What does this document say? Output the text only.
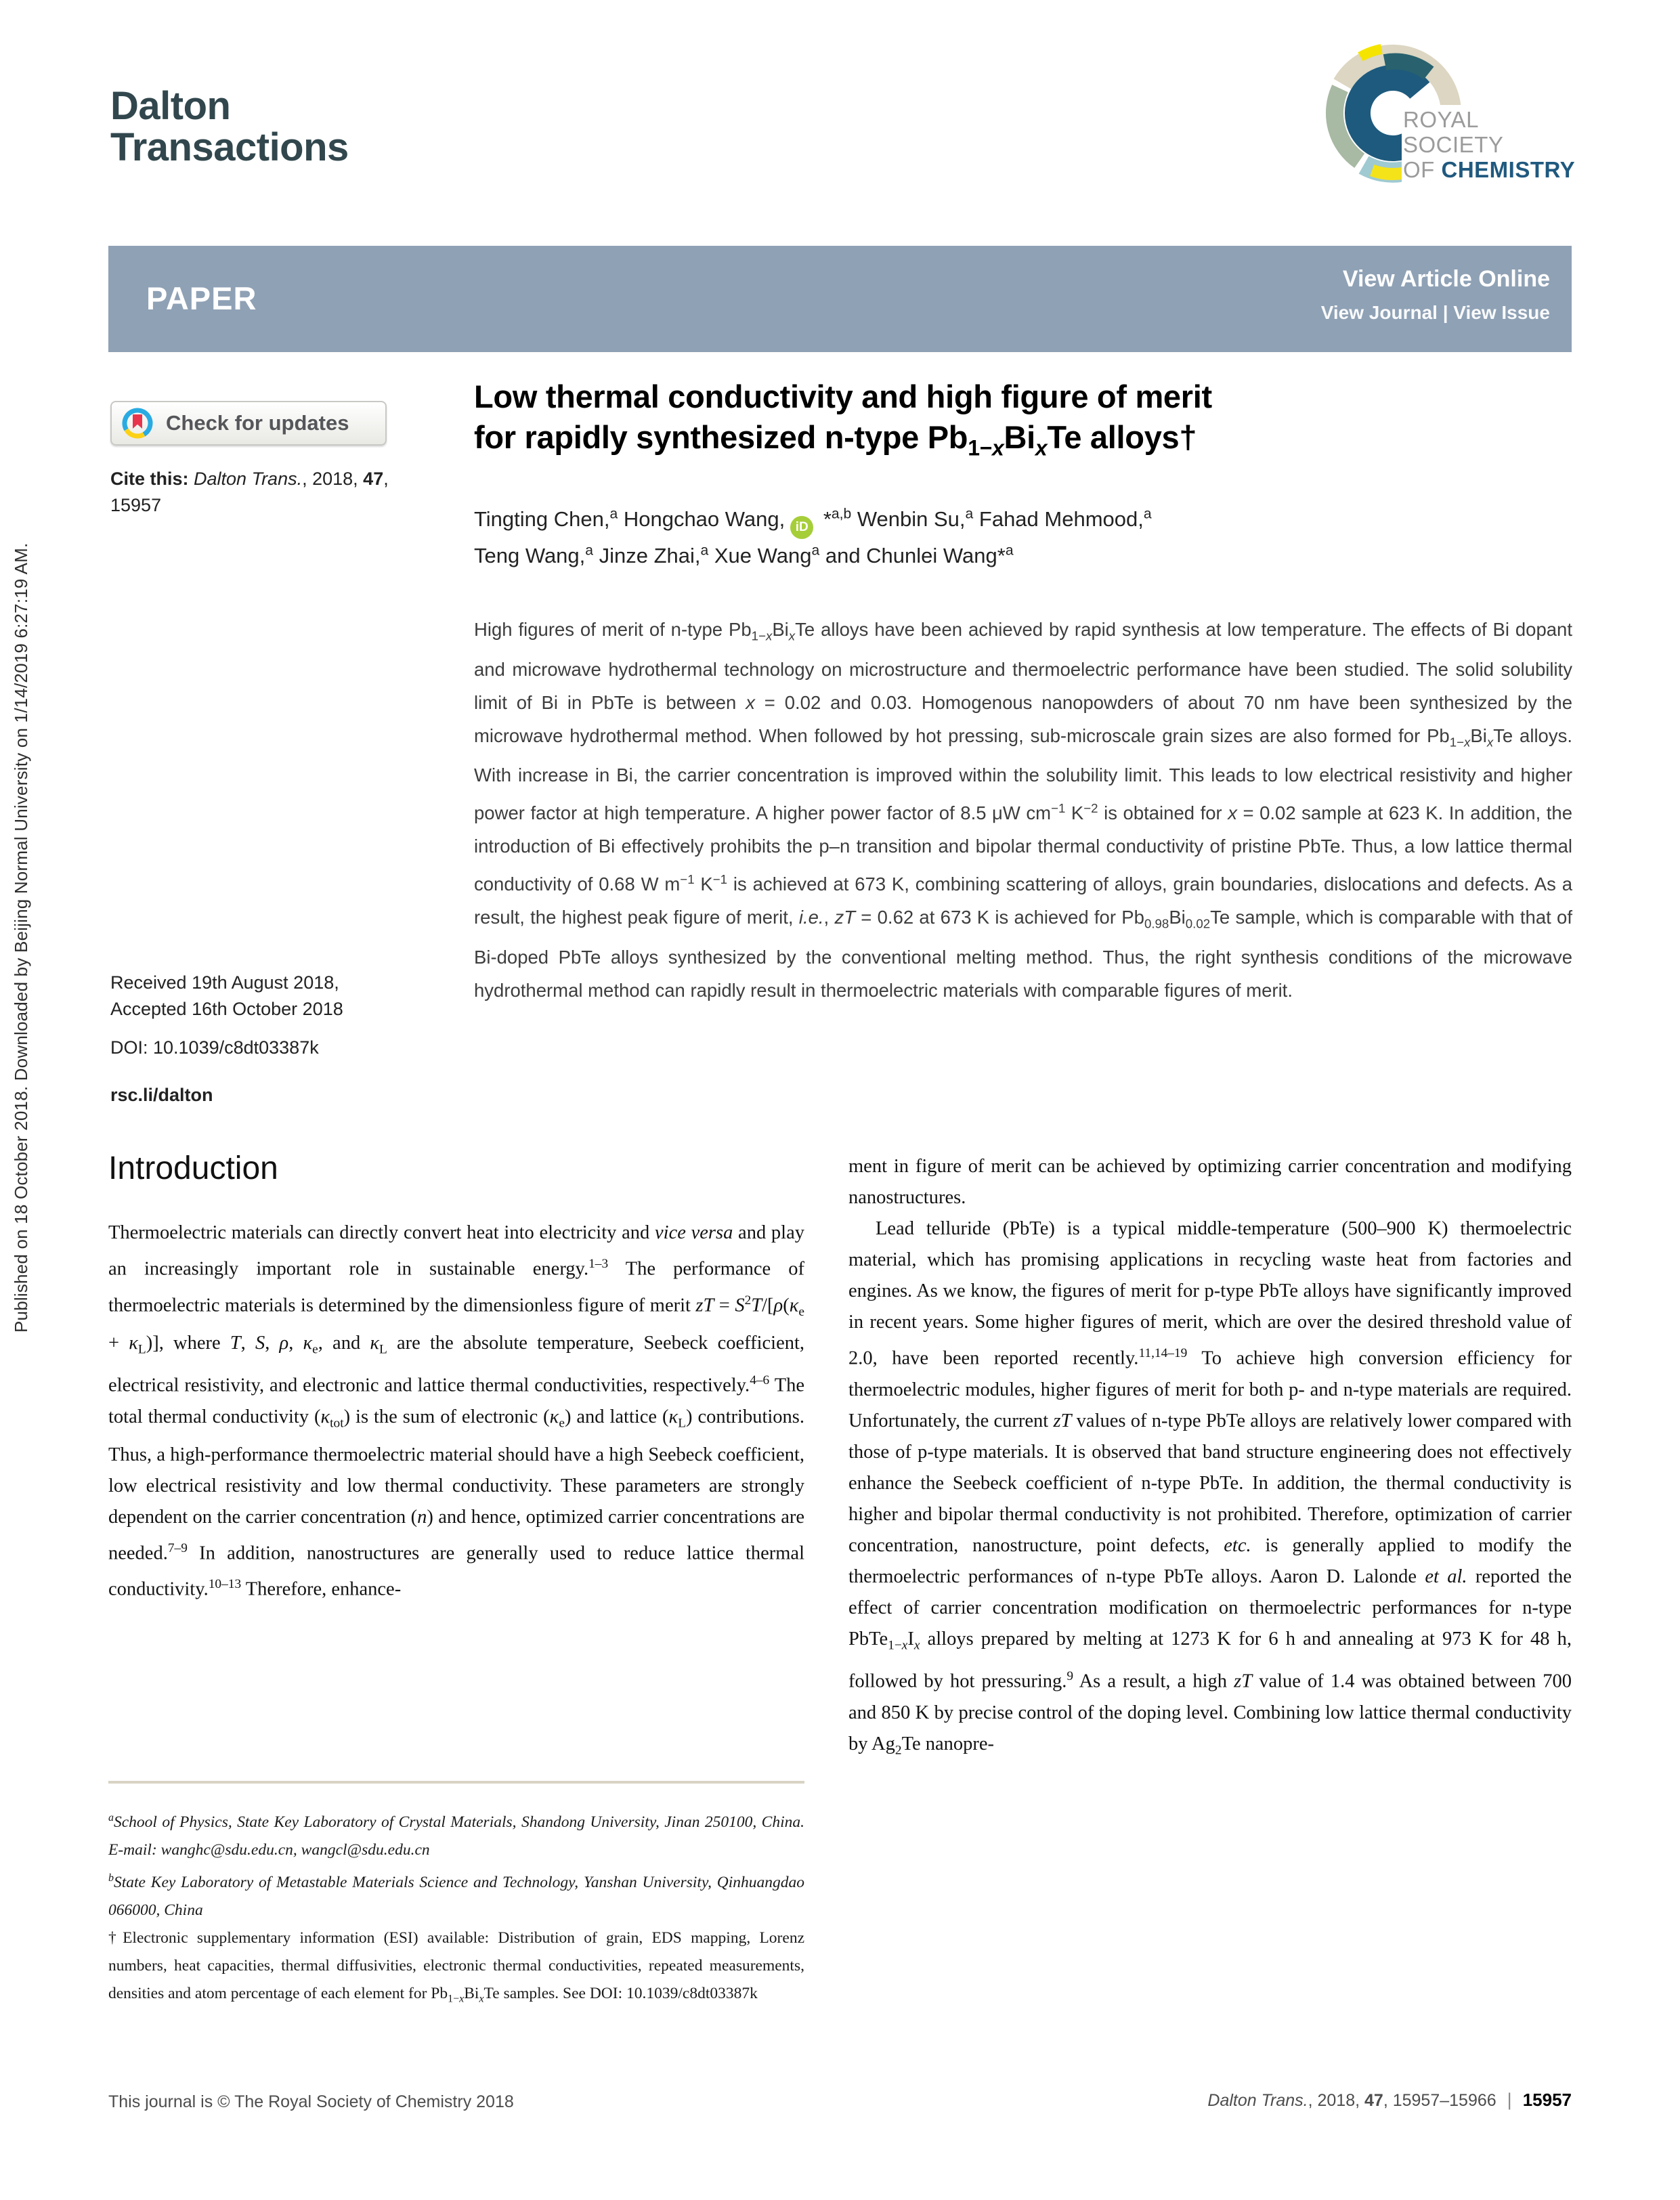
Published on 18 October 2018. Downloaded by Beijing Normal University on 1/14/2019 6:27:19 AM.
Dalton
Transactions
ROYAL SOCIETY
OF CHEMISTRY
PAPER
View Article Online
View Journal | View Issue
Check for updates
Cite this: Dalton Trans., 2018, 47,
15957
Received 19th August 2018,
Accepted 16th October 2018
DOI: 10.1039/c8dt03387k
rsc.li/dalton
Low thermal conductivity and high figure of merit
for rapidly synthesized n-type $Pb_{1-x}Bi_xTe$ alloys†
Tingting Chen,$^a$ Hongchao Wang, iD *$^{a,b}$ Wenbin Su,$^a$ Fahad Mehmood,$^a$
Teng Wang,$^a$ Jinze Zhai,$^a$ Xue Wang$^a$ and Chunlei Wang*$^a$
High figures of merit of n-type $Pb_{1-x}Bi_xTe$ alloys have been achieved by rapid synthesis at low temperature. The effects of Bi dopant and microwave hydrothermal technology on microstructure and thermoelectric performance have been studied. The solid solubility limit of Bi in PbTe is between x = 0.02 and 0.03. Homogenous nanopowders of about 70 nm have been synthesized by the microwave hydrothermal method. When followed by hot pressing, sub-microscale grain sizes are also formed for $Pb_{1-x}Bi_xTe$ alloys. With increase in Bi, the carrier concentration is improved within the solubility limit. This leads to low electrical resistivity and higher power factor at high temperature. A higher power factor of 8.5 μW $cm^{-1}$ $K^{-2}$ is obtained for x = 0.02 sample at 623 K. In addition, the introduction of Bi effectively prohibits the p–n transition and bipolar thermal conductivity of pristine PbTe. Thus, a low lattice thermal conductivity of 0.68 W $m^{-1}$ $K^{-1}$ is achieved at 673 K, combining scattering of alloys, grain boundaries, dislocations and defects. As a result, the highest peak figure of merit, i.e., zT = 0.62 at 673 K is achieved for $Pb_{0.98}Bi_{0.02}Te$ sample, which is comparable with that of Bi-doped PbTe alloys synthesized by the conventional melting method. Thus, the right synthesis conditions of the microwave hydrothermal method can rapidly result in thermoelectric materials with comparable figures of merit.
Introduction
Thermoelectric materials can directly convert heat into electricity and vice versa and play an increasingly important role in sustainable energy.$^{1-3}$ The performance of thermoelectric materials is determined by the dimensionless figure of merit zT = $S^2T/[\rho(\kappa_e + \kappa_L)]$, where T, S, ρ, $\kappa_e$, and $\kappa_L$ are the absolute temperature, Seebeck coefficient, electrical resistivity, and electronic and lattice thermal conductivities, respectively.$^{4-6}$ The total thermal conductivity $(\kappa_{tot})$ is the sum of electronic $(\kappa_e)$ and lattice $(\kappa_L)$ contributions. Thus, a high-performance thermoelectric material should have a high Seebeck coefficient, low electrical resistivity and low thermal conductivity. These parameters are strongly dependent on the carrier concentration (n) and hence, optimized carrier concentrations are needed.$^{7-9}$ In addition, nanostructures are generally used to reduce lattice thermal conductivity.$^{10-13}$ Therefore, enhance-

ment in figure of merit can be achieved by optimizing carrier concentration and modifying nanostructures.

Lead telluride (PbTe) is a typical middle-temperature (500–900 K) thermoelectric material, which has promising applications in recycling waste heat from factories and engines. As we know, the figures of merit for p-type PbTe alloys have significantly improved in recent years. Some higher figures of merit, which are over the desired threshold value of 2.0, have been reported recently.$^{11,14-19}$ To achieve high conversion efficiency for thermoelectric modules, higher figures of merit for both p- and n-type materials are required. Unfortunately, the current zT values of n-type PbTe alloys are relatively lower compared with those of p-type materials. It is observed that band structure engineering does not effectively enhance the Seebeck coefficient of n-type PbTe. In addition, the thermal conductivity is higher and bipolar thermal conductivity is not prohibited. Therefore, optimization of carrier concentration, nanostructure, point defects, etc. is generally applied to modify the thermoelectric performances of n-type PbTe alloys. Aaron D. Lalonde et al. reported the effect of carrier concentration modification on thermoelectric performances for n-type $PbTe_{1-x}I_x$ alloys prepared by melting at 1273 K for 6 h and annealing at 973 K for 48 h, followed by hot pressuring.$^9$ As a result, a high zT value of 1.4 was obtained between 700 and 850 K by precise control of the doping level. Combining low lattice thermal conductivity by $Ag_2Te$ nanopre-

$^a$School of Physics, State Key Laboratory of Crystal Materials, Shandong University, Jinan 250100, China. E-mail: wanghc@sdu.edu.cn, wangcl@sdu.edu.cn

$^b$State Key Laboratory of Metastable Materials Science and Technology, Yanshan University, Qinhuangdao 066000, China

† Electronic supplementary information (ESI) available: Distribution of grain, EDS mapping, Lorenz numbers, heat capacities, thermal diffusivities, electronic thermal conductivities, repeated measurements, densities and atom percentage of each element for $Pb_{1-x}Bi_xTe$ samples. See DOI: 10.1039/c8dt03387k

This journal is © The Royal Society of Chemistry 2018	Dalton Trans., 2018, 47, 15957–15966 | 15957
